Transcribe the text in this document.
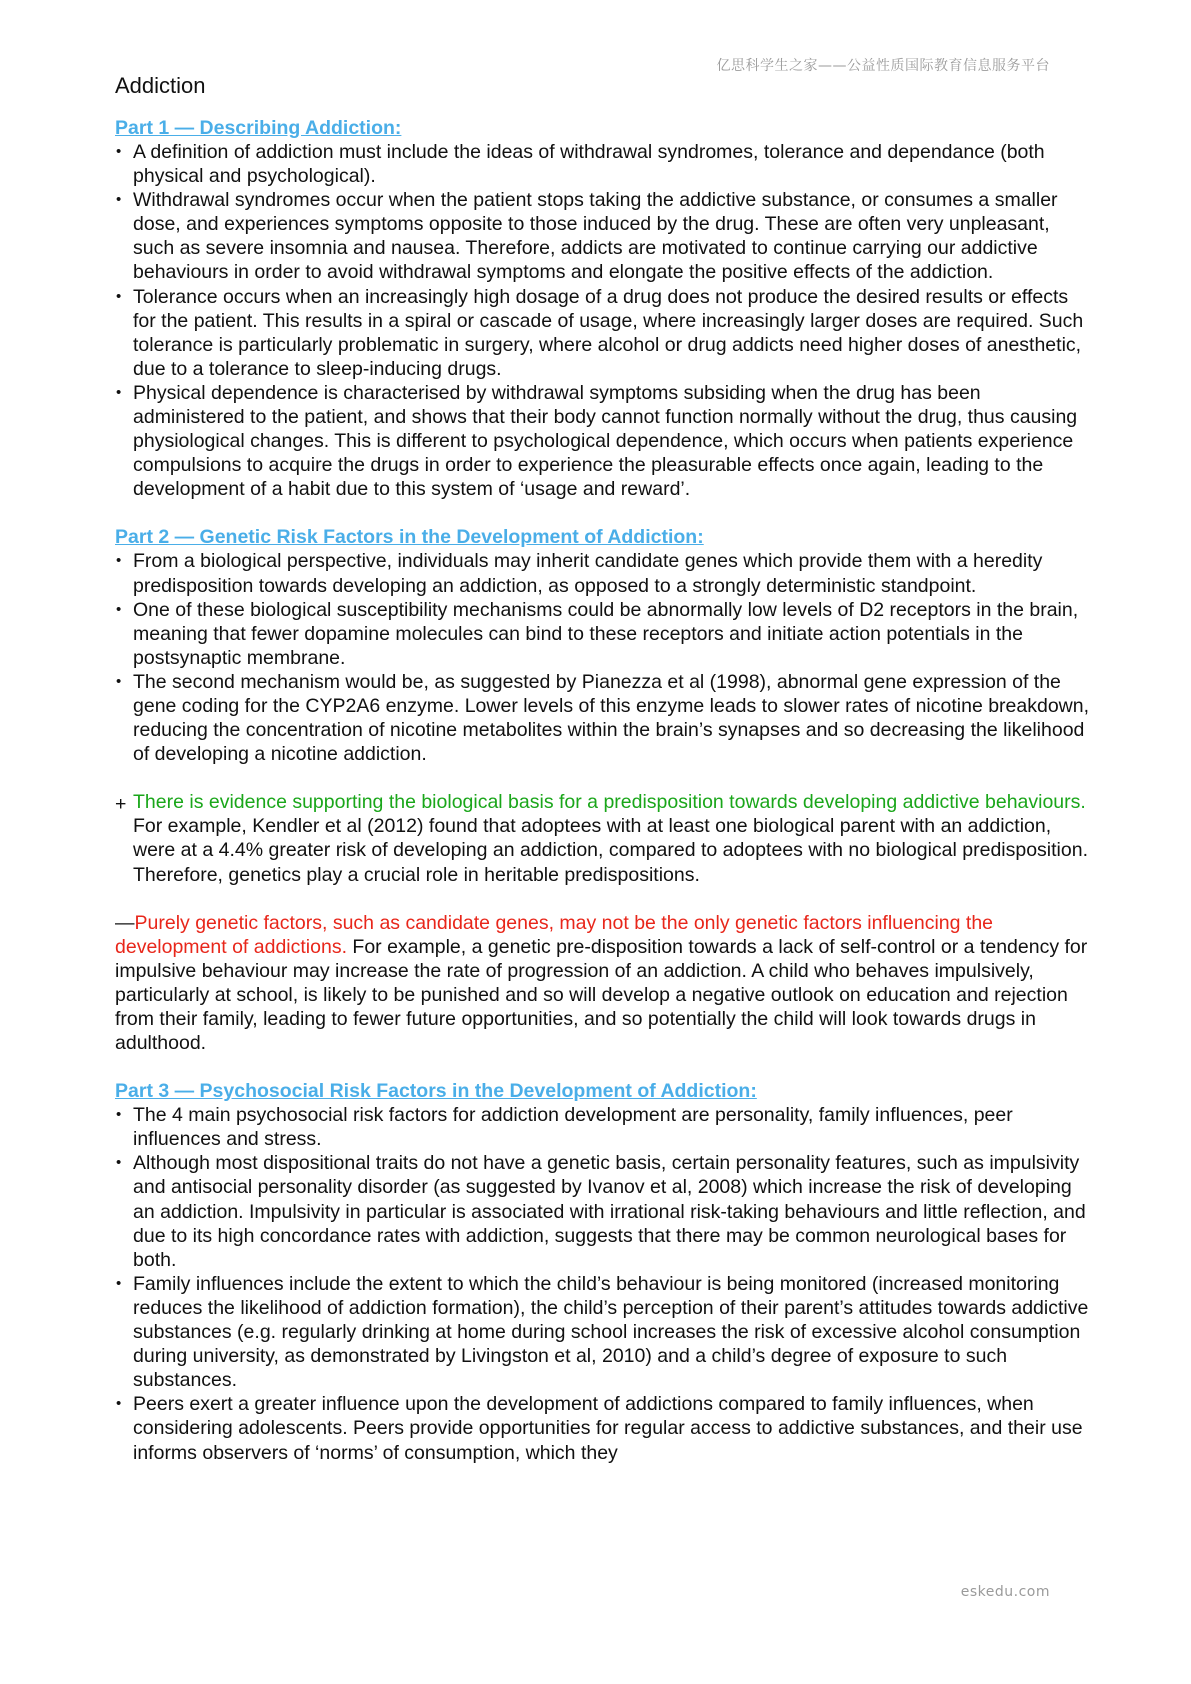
亿思科学生之家——公益性质国际教育信息服务平台
Addiction
Part 1 — Describing Addiction:
• A definition of addiction must include the ideas of withdrawal syndromes, tolerance and dependance (both physical and psychological).
• Withdrawal syndromes occur when the patient stops taking the addictive substance, or consumes a smaller dose, and experiences symptoms opposite to those induced by the drug. These are often very unpleasant, such as severe insomnia and nausea. Therefore, addicts are motivated to continue carrying our addictive behaviours in order to avoid withdrawal symptoms and elongate the positive effects of the addiction.
• Tolerance occurs when an increasingly high dosage of a drug does not produce the desired results or effects for the patient. This results in a spiral or cascade of usage, where increasingly larger doses are required. Such tolerance is particularly problematic in surgery, where alcohol or drug addicts need higher doses of anesthetic, due to a tolerance to sleep-inducing drugs.
• Physical dependence is characterised by withdrawal symptoms subsiding when the drug has been administered to the patient, and shows that their body cannot function normally without the drug, thus causing physiological changes. This is different to psychological dependence, which occurs when patients experience compulsions to acquire the drugs in order to experience the pleasurable effects once again, leading to the development of a habit due to this system of ‘usage and reward’.
Part 2 — Genetic Risk Factors in the Development of Addiction:
• From a biological perspective, individuals may inherit candidate genes which provide them with a heredity predisposition towards developing an addiction, as opposed to a strongly deterministic standpoint.
• One of these biological susceptibility mechanisms could be abnormally low levels of D2 receptors in the brain, meaning that fewer dopamine molecules can bind to these receptors and initiate action potentials in the postsynaptic membrane.
• The second mechanism would be, as suggested by Pianezza et al (1998), abnormal gene expression of the gene coding for the CYP2A6 enzyme. Lower levels of this enzyme leads to slower rates of nicotine breakdown, reducing the concentration of nicotine metabolites within the brain’s synapses and so decreasing the likelihood of developing a nicotine addiction.
+ There is evidence supporting the biological basis for a predisposition towards developing addictive behaviours. For example, Kendler et al (2012) found that adoptees with at least one biological parent with an addiction, were at a 4.4% greater risk of developing an addiction, compared to adoptees with no biological predisposition. Therefore, genetics play a crucial role in heritable predispositions.
—Purely genetic factors, such as candidate genes, may not be the only genetic factors influencing the development of addictions. For example, a genetic pre-disposition towards a lack of self-control or a tendency for impulsive behaviour may increase the rate of progression of an addiction. A child who behaves impulsively, particularly at school, is likely to be punished and so will develop a negative outlook on education and rejection from their family, leading to fewer future opportunities, and so potentially the child will look towards drugs in adulthood.
Part 3 — Psychosocial Risk Factors in the Development of Addiction:
• The 4 main psychosocial risk factors for addiction development are personality, family influences, peer influences and stress.
• Although most dispositional traits do not have a genetic basis, certain personality features, such as impulsivity and antisocial personality disorder (as suggested by Ivanov et al, 2008) which increase the risk of developing an addiction. Impulsivity in particular is associated with irrational risk-taking behaviours and little reflection, and due to its high concordance rates with addiction, suggests that there may be common neurological bases for both.
• Family influences include the extent to which the child’s behaviour is being monitored (increased monitoring reduces the likelihood of addiction formation), the child’s perception of their parent’s attitudes towards addictive substances (e.g. regularly drinking at home during school increases the risk of excessive alcohol consumption during university, as demonstrated by Livingston et al, 2010) and a child’s degree of exposure to such substances.
• Peers exert a greater influence upon the development of addictions compared to family influences, when considering adolescents. Peers provide opportunities for regular access to addictive substances, and their use informs observers of ‘norms’ of consumption, which they
eskedu.com
